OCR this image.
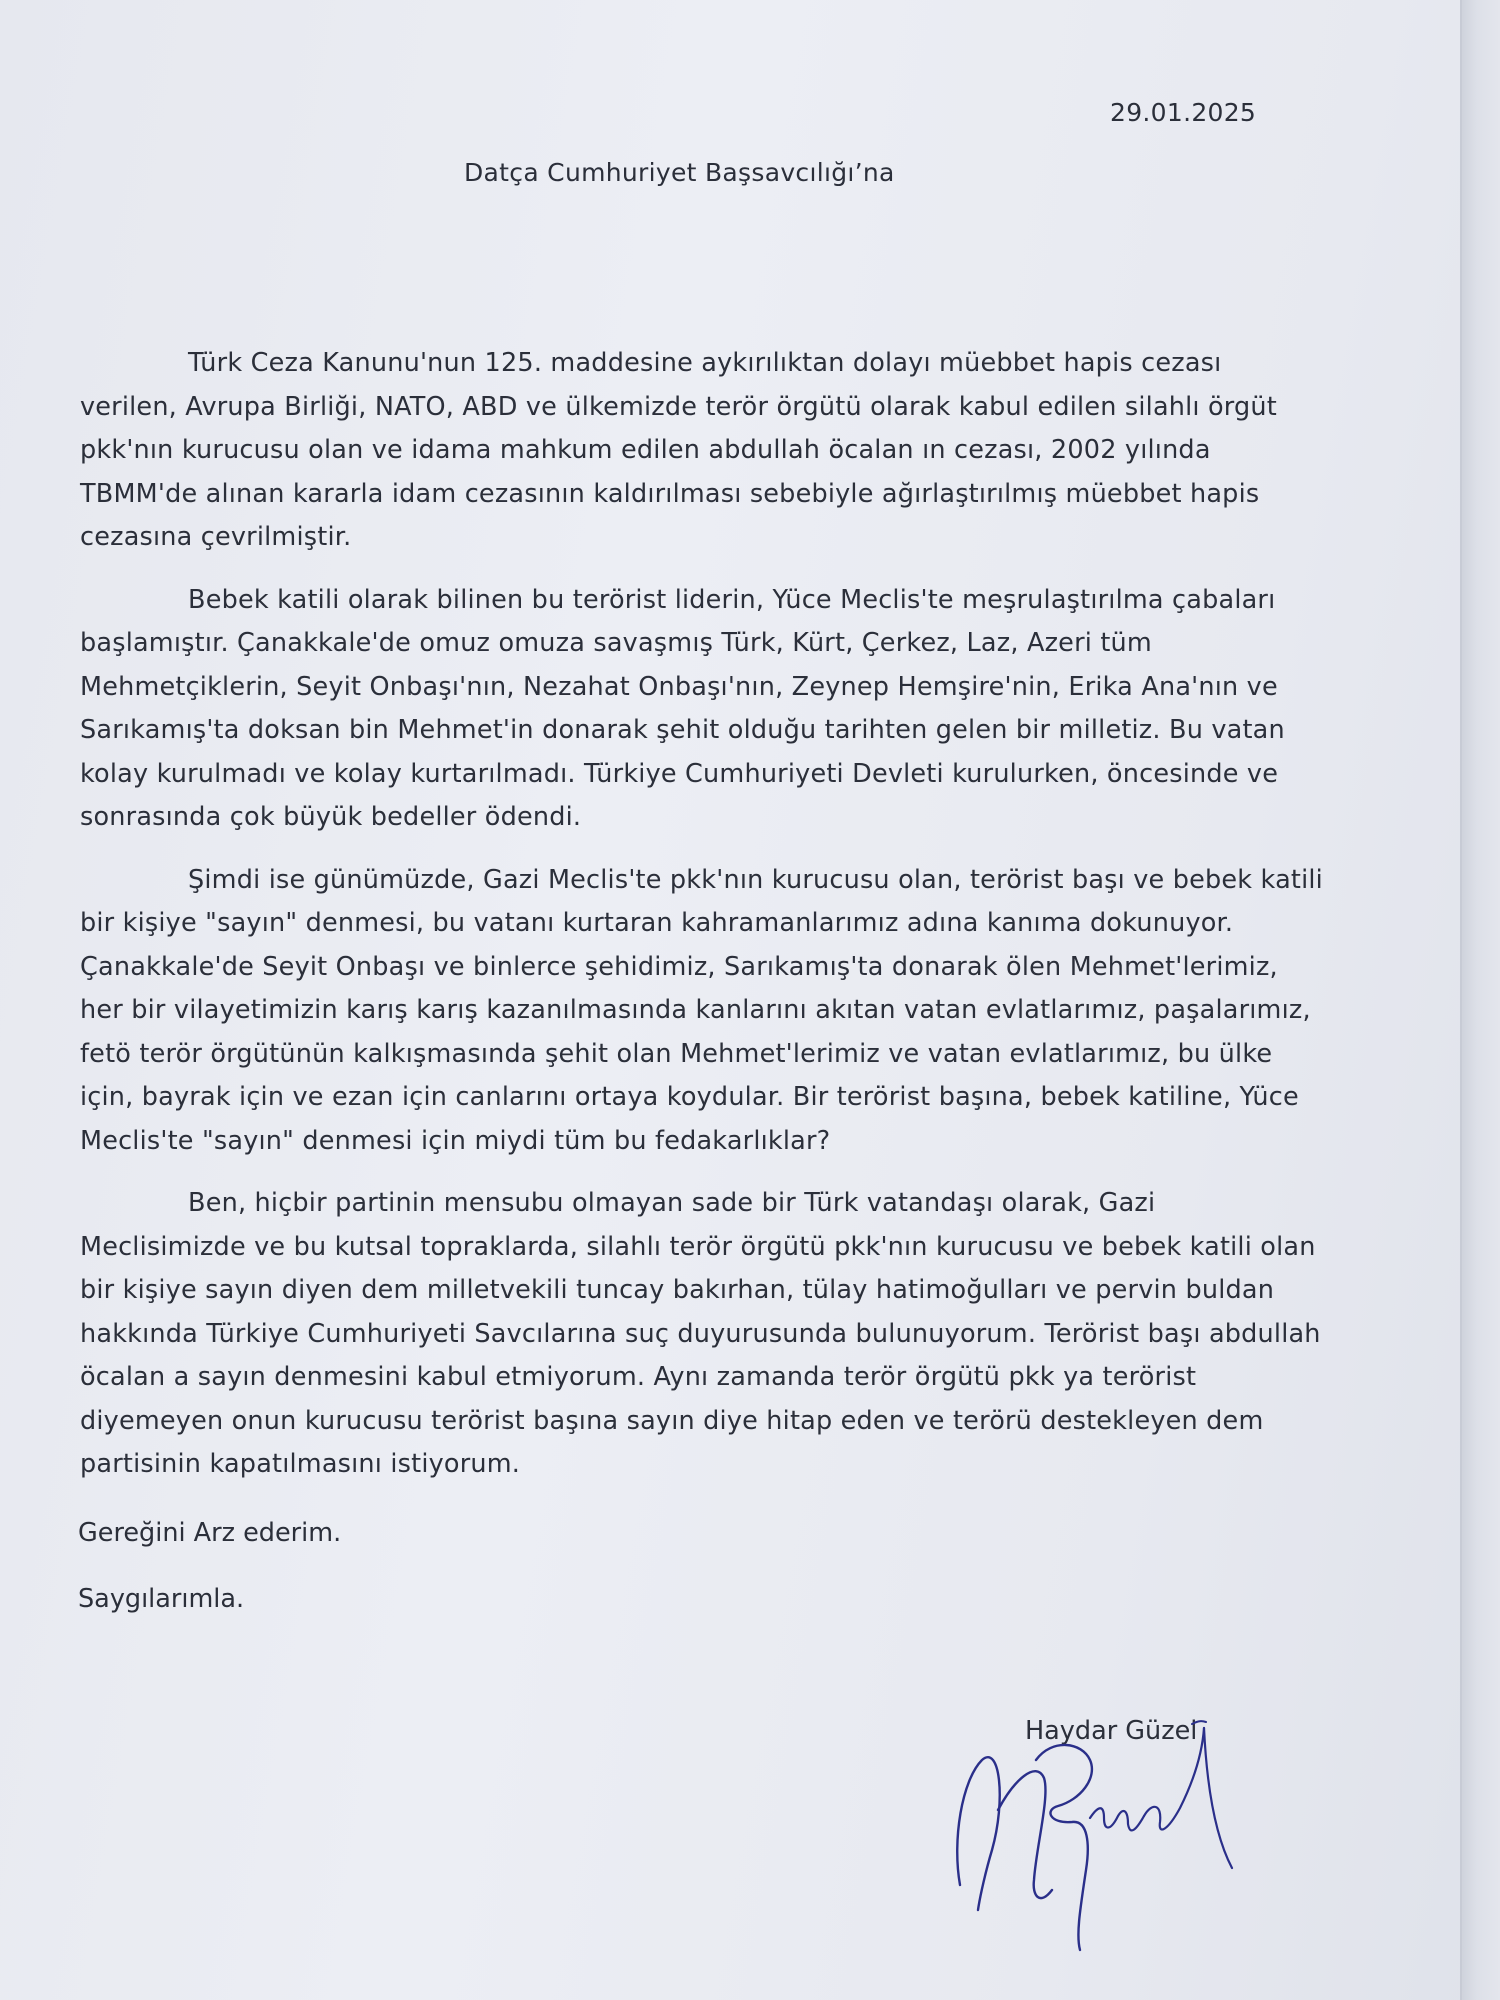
29.01.2025
Datça Cumhuriyet Başsavcılığı’na

Türk Ceza Kanunu'nun 125. maddesine aykırılıktan dolayı müebbet hapis cezası verilen, Avrupa Birliği, NATO, ABD ve ülkemizde terör örgütü olarak kabul edilen silahlı örgüt pkk'nın kurucusu olan ve idama mahkum edilen abdullah öcalan ın cezası, 2002 yılında TBMM'de alınan kararla idam cezasının kaldırılması sebebiyle ağırlaştırılmış müebbet hapis cezasına çevrilmiştir.

Bebek katili olarak bilinen bu terörist liderin, Yüce Meclis'te meşrulaştırılma çabaları başlamıştır. Çanakkale'de omuz omuza savaşmış Türk, Kürt, Çerkez, Laz, Azeri tüm Mehmetçiklerin, Seyit Onbaşı'nın, Nezahat Onbaşı'nın, Zeynep Hemşire'nin, Erika Ana'nın ve Sarıkamış'ta doksan bin Mehmet'in donarak şehit olduğu tarihten gelen bir milletiz. Bu vatan kolay kurulmadı ve kolay kurtarılmadı. Türkiye Cumhuriyeti Devleti kurulurken, öncesinde ve sonrasında çok büyük bedeller ödendi.

Şimdi ise günümüzde, Gazi Meclis'te pkk'nın kurucusu olan, terörist başı ve bebek katili bir kişiye "sayın" denmesi, bu vatanı kurtaran kahramanlarımız adına kanıma dokunuyor. Çanakkale'de Seyit Onbaşı ve binlerce şehidimiz, Sarıkamış'ta donarak ölen Mehmet'lerimiz, her bir vilayetimizin karış karış kazanılmasında kanlarını akıtan vatan evlatlarımız, paşalarımız, fetö terör örgütünün kalkışmasında şehit olan Mehmet'lerimiz ve vatan evlatlarımız, bu ülke için, bayrak için ve ezan için canlarını ortaya koydular. Bir terörist başına, bebek katiline, Yüce Meclis'te "sayın" denmesi için miydi tüm bu fedakarlıklar?

Ben, hiçbir partinin mensubu olmayan sade bir Türk vatandaşı olarak, Gazi Meclisimizde ve bu kutsal topraklarda, silahlı terör örgütü pkk'nın kurucusu ve bebek katili olan bir kişiye sayın diyen dem milletvekili tuncay bakırhan, tülay hatimoğulları ve pervin buldan hakkında Türkiye Cumhuriyeti Savcılarına suç duyurusunda bulunuyorum. Terörist başı abdullah öcalan a sayın denmesini kabul etmiyorum. Aynı zamanda terör örgütü pkk ya terörist diyemeyen onun kurucusu terörist başına sayın diye hitap eden ve terörü destekleyen dem partisinin kapatılmasını istiyorum.

Gereğini Arz ederim.
Saygılarımla.
Haydar Güzel
